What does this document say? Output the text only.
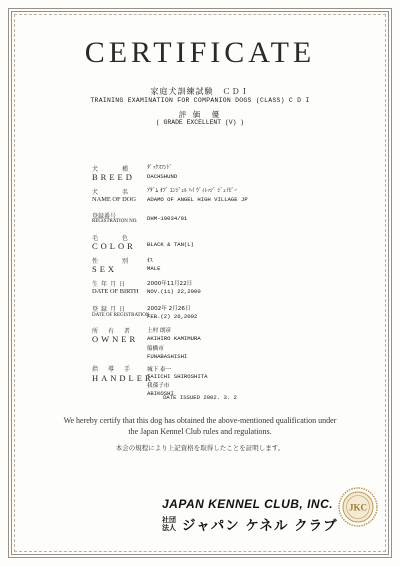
CERTIFICATE
家庭犬訓練試験　ＣＤＩ
TRAINING EXAMINATION FOR COMPANION DOGS (CLASS) C D I
評 価　優
( GRADE EXCELLENT (V) )
犬　　種
BREED
ﾀﾞｯｸｽﾌﾝﾄﾞ
DACHSHUND
犬　　名
NAME OF DOG
ｱﾀﾞﾑ ｵﾌﾞ ｴﾝｼﾞｪﾙ ﾊｲ ｳﾞｨﾚｯｼﾞ ｼﾞｪｲﾋﾟｰ
ADAMO OF ANGEL HIGH VILLAGE JP
登録番号
REGISTRATION NO. DHM-19034/01
毛　　色
COLOR BLACK & TAN(L)
性　　別
SEX
ｵｽ
MALE
生年月日
DATE OF BIRTH
2000年11月22日
NOV.(11) 22,2000
登録月日
DATE OF REGISTRATION
2002年 2月26日
FEB.(2) 26,2002
所　有　者
OWNER
上村 朗彦
AKIHIRO KAMIMURA
船橋市
FUNABASHISHI
指　導　手
HANDLER
城下 泰一
TAIICHI SHIROSHITA
我孫子市
ABIKOSHI
DATE ISSUED 2002. 3. 2
We hereby certify that this dog has obtained the above-mentioned qualification under
the Japan Kennel Club rules and regulations.
本会の規程により上記資格を取得したことを証明します。
JAPAN KENNEL CLUB, INC.
社団
法人 ジャパン ケネル クラブ
JKC
